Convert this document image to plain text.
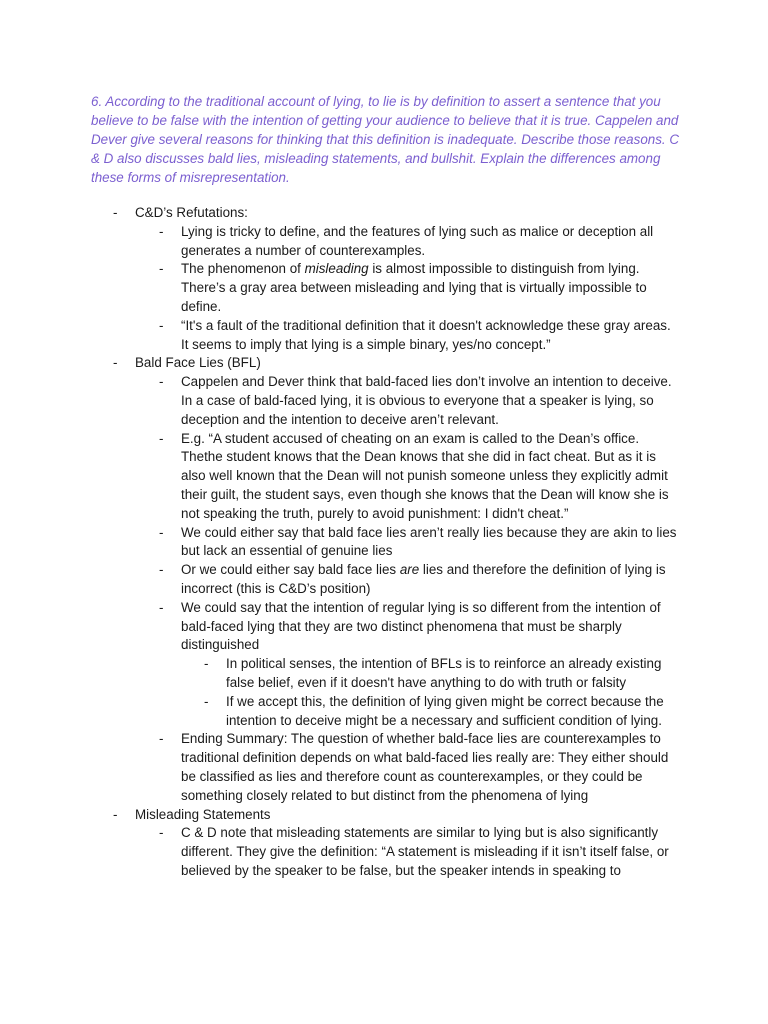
6. According to the traditional account of lying, to lie is by definition to assert a sentence that you believe to be false with the intention of getting your audience to believe that it is true. Cappelen and Dever give several reasons for thinking that this definition is inadequate. Describe those reasons. C & D also discusses bald lies, misleading statements, and bullshit. Explain the differences among these forms of misrepresentation.
- C&D’s Refutations:
- Lying is tricky to define, and the features of lying such as malice or deception all generates a number of counterexamples.
- The phenomenon of misleading is almost impossible to distinguish from lying. There’s a gray area between misleading and lying that is virtually impossible to define.
- “It's a fault of the traditional definition that it doesn't acknowledge these gray areas. It seems to imply that lying is a simple binary, yes/no concept.”
- Bald Face Lies (BFL)
- Cappelen and Dever think that bald-faced lies don’t involve an intention to deceive. In a case of bald-faced lying, it is obvious to everyone that a speaker is lying, so deception and the intention to deceive aren’t relevant.
- E.g. “A student accused of cheating on an exam is called to the Dean’s office. Thethe student knows that the Dean knows that she did in fact cheat. But as it is also well known that the Dean will not punish someone unless they explicitly admit their guilt, the student says, even though she knows that the Dean will know she is not speaking the truth, purely to avoid punishment: I didn't cheat.”
- We could either say that bald face lies aren’t really lies because they are akin to lies but lack an essential of genuine lies
- Or we could either say bald face lies are lies and therefore the definition of lying is incorrect (this is C&D’s position)
- We could say that the intention of regular lying is so different from the intention of bald-faced lying that they are two distinct phenomena that must be sharply distinguished
- In political senses, the intention of BFLs is to reinforce an already existing false belief, even if it doesn't have anything to do with truth or falsity
- If we accept this, the definition of lying given might be correct because the intention to deceive might be a necessary and sufficient condition of lying.
- Ending Summary: The question of whether bald-face lies are counterexamples to traditional definition depends on what bald-faced lies really are: They either should be classified as lies and therefore count as counterexamples, or they could be something closely related to but distinct from the phenomena of lying
- Misleading Statements
- C & D note that misleading statements are similar to lying but is also significantly different. They give the definition: “A statement is misleading if it isn’t itself false, or believed by the speaker to be false, but the speaker intends in speaking to
